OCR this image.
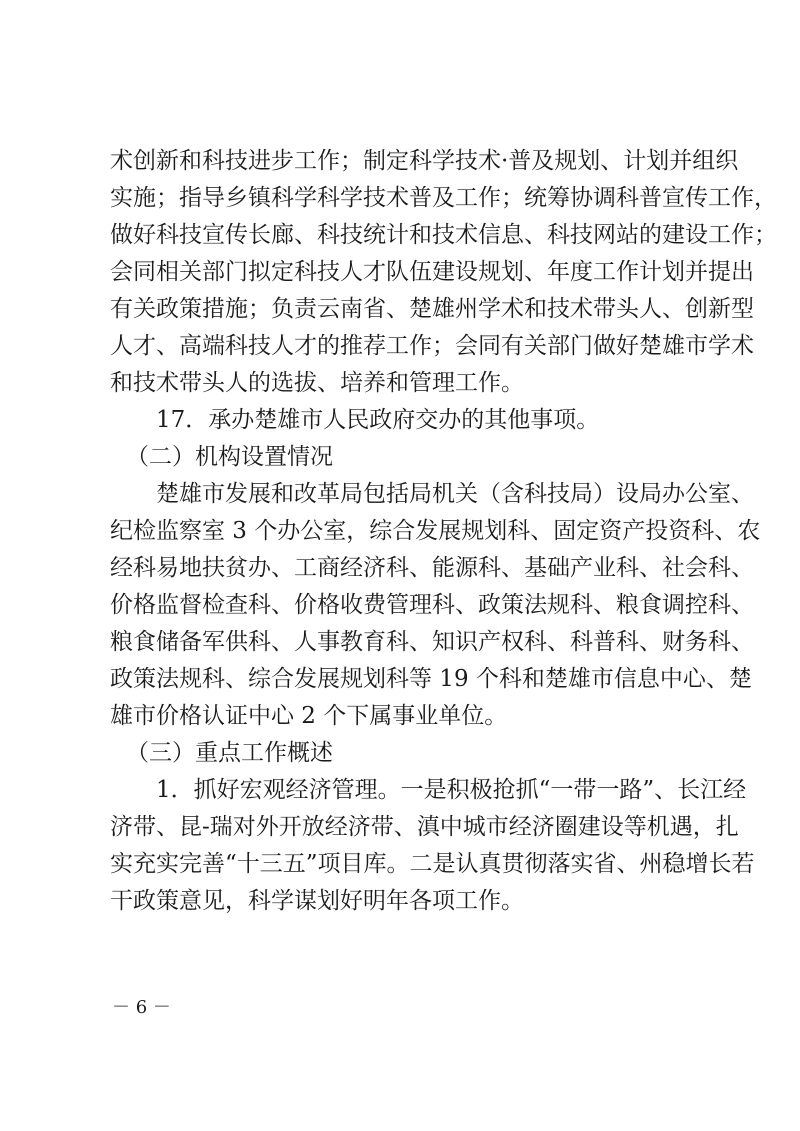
术创新和科技进步工作；制定科学技术·普及规划、计划并组织
实施；指导乡镇科学科学技术普及工作；统筹协调科普宣传工作，
做好科技宣传长廊、科技统计和技术信息、科技网站的建设工作；
会同相关部门拟定科技人才队伍建设规划、年度工作计划并提出
有关政策措施；负责云南省、楚雄州学术和技术带头人、创新型
人才、高端科技人才的推荐工作；会同有关部门做好楚雄市学术
和技术带头人的选拔、培养和管理工作。
17．承办楚雄市人民政府交办的其他事项。
（二）机构设置情况
楚雄市发展和改革局包括局机关（含科技局）设局办公室、
纪检监察室 3 个办公室，综合发展规划科、固定资产投资科、农
经科易地扶贫办、工商经济科、能源科、基础产业科、社会科、
价格监督检查科、价格收费管理科、政策法规科、粮食调控科、
粮食储备军供科、人事教育科、知识产权科、科普科、财务科、
政策法规科、综合发展规划科等 19 个科和楚雄市信息中心、楚
雄市价格认证中心 2 个下属事业单位。
（三）重点工作概述
1．抓好宏观经济管理。一是积极抢抓“一带一路”、长江经
济带、昆-瑞对外开放经济带、滇中城市经济圈建设等机遇，扎
实充实完善“十三五”项目库。二是认真贯彻落实省、州稳增长若
干政策意见，科学谋划好明年各项工作。
－ 6 －
